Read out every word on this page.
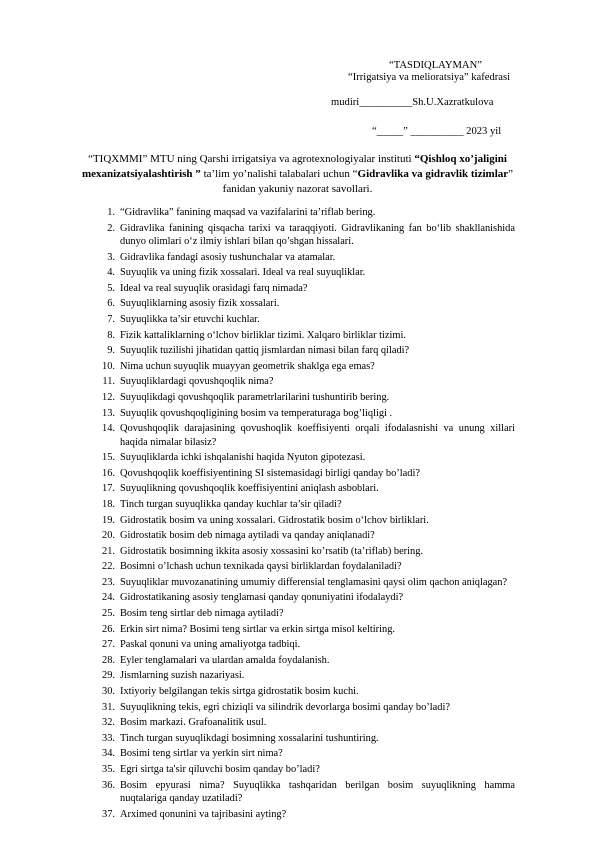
“TASDIQLAYMAN”
“Irrigatsiya va melioratsiya” kafedrasi
mudiri__________Sh.U.Xazratkulova
“_____” __________ 2023 yil
“TIQXMMI” MTU ning Qarshi irrigatsiya va agrotexnologiyalar instituti “Qishloq xo’jaligini mexanizatsiyalashtirish ” ta’lim yo’nalishi talabalari uchun “Gidravlika va gidravlik tizimlar” fanidan yakuniy nazorat savollari.
1. “Gidravlika” fanining maqsad va vazifalarini ta’riflab bering.
2. Gidravlika fanining qisqacha tarixi va taraqqiyoti. Gidravlikaning fan bo‘lib shakllanishida dunyo olimlari o‘z ilmiy ishlari bilan qo’shgan hissalari.
3. Gidravlika fandagi asosiy tushunchalar va atamalar.
4. Suyuqlik va uning fizik xossalari. Ideal va real suyuqliklar.
5. Ideal va real suyuqlik orasidagi farq nimada?
6. Suyuqliklarning asosiy fizik xossalari.
7. Suyuqlikka ta’sir etuvchi kuchlar.
8. Fizik kattaliklarning o‘lchov birliklar tizimi. Xalqaro birliklar tizimi.
9. Suyuqlik tuzilishi jihatidan qattiq jismlardan nimasi bilan farq qiladi?
10. Nima uchun suyuqlik muayyan geometrik shaklga ega emas?
11. Suyuqliklardagi qovushqoqlik nima?
12. Suyuqlikdagi qovushqoqlik parametrlarilarini tushuntirib bering.
13. Suyuqlik qovushqoqligining bosim va temperaturaga bog’liqligi .
14. Qovushqoqlik darajasining qovushoqlik koeffisiyenti orqali ifodalasnishi va unung xillari haqida nimalar bilasiz?
15. Suyuqliklarda ichki ishqalanishi haqida Nyuton gipotezasi.
16. Qovushqoqlik koeffisiyentining SI sistemasidagi birligi qanday bo’ladi?
17. Suyuqlikning qovushqoqlik koeffisiyentini aniqlash asboblari.
18. Tinch turgan suyuqlikka qanday kuchlar ta’sir qiladi?
19. Gidrostatik bosim va uning xossalari. Gidrostatik bosim o‘lchov birliklari.
20. Gidrostatik bosim deb nimaga aytiladi va qanday aniqlanadi?
21. Gidrostatik bosimning ikkita asosiy xossasini ko’rsatib (ta’riflab) bering.
22. Bosimni o’lchash uchun texnikada qaysi birliklardan foydalaniladi?
23. Suyuqliklar muvozanatining umumiy differensial tenglamasini qaysi olim qachon aniqlagan?
24. Gidrostatikaning asosiy tenglamasi qanday qonuniyatini ifodalaydi?
25. Bosim teng sirtlar deb nimaga aytiladi?
26. Erkin sirt nima? Bosimi teng sirtlar va erkin sirtga misol keltiring.
27. Paskal qonuni va uning amaliyotga tadbiqi.
28. Eyler tenglamalari va ulardan amalda foydalanish.
29. Jismlarning suzish nazariyasi.
30. Ixtiyoriy belgilangan tekis sirtga gidrostatik bosim kuchi.
31. Suyuqlikning tekis, egri chiziqli va silindrik devorlarga bosimi qanday bo’ladi?
32. Bosim markazi. Grafoanalitik usul.
33. Tinch turgan suyuqlikdagi bosimning xossalarini tushuntiring.
34. Bosimi teng sirtlar va yerkin sirt nima?
35. Egri sirtga ta'sir qiluvchi bosim qanday bo’ladi?
36. Bosim epyurasi nima? Suyuqlikka tashqaridan berilgan bosim suyuqlikning hamma nuqtalariga qanday uzatiladi?
37. Arximed qonunini va tajribasini ayting?
